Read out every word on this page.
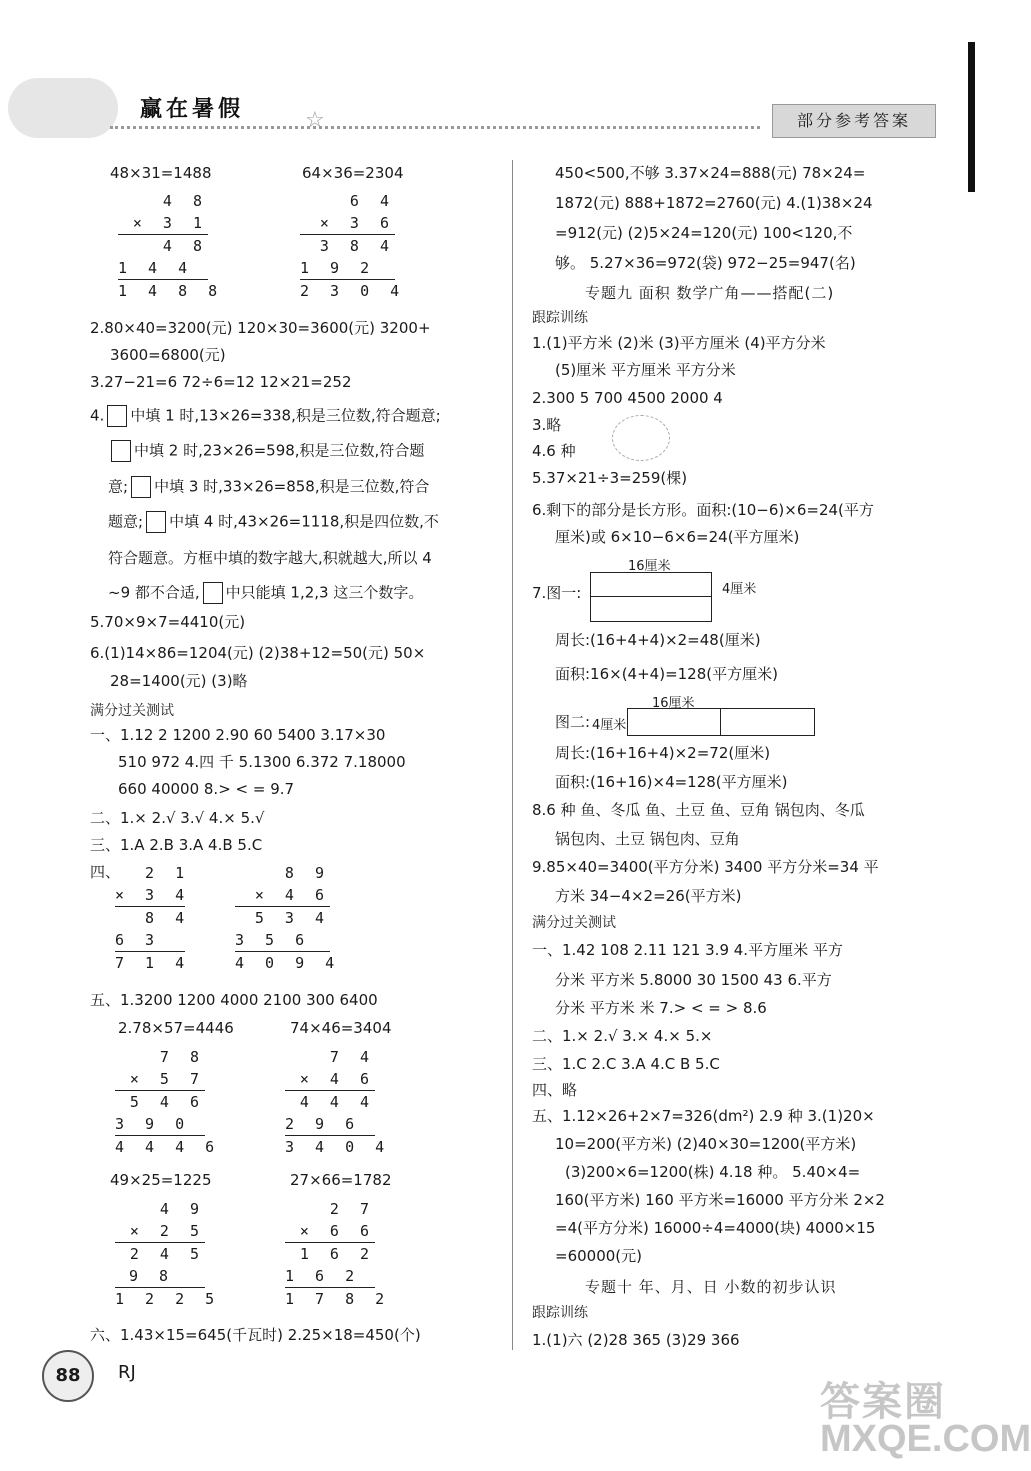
赢在暑假	☆	部分参考答案
48×31=1488	64×36=2304
4 8
× 3 1
4 8
1 4 4
1 4 8 8
6 4
× 3 6
3 8 4
1 9 2
2 3 0 4
2.80×40=3200(元) 120×30=3600(元) 3200+
3600=6800(元)
3.27−21=6 72÷6=12 12×21=252
4. 中填 1 时,13×26=338,积是三位数,符合题意;
中填 2 时,23×26=598,积是三位数,符合题
意; 中填 3 时,33×26=858,积是三位数,符合
题意; 中填 4 时,43×26=1118,积是四位数,不
符合题意。方框中填的数字越大,积就越大,所以 4
~9 都不合适, 中只能填 1,2,3 这三个数字。
5.70×9×7=4410(元)
6.(1)14×86=1204(元) (2)38+12=50(元) 50×
28=1400(元) (3)略
满分过关测试
一、1.12 2 1200 2.90 60 5400 3.17×30
510 972 4.四 千 5.1300 6.372 7.18000
660 40000 8.> < = 9.7
二、1.× 2.√ 3.√ 4.× 5.√
三、1.A 2.B 3.A 4.B 5.C
四、
2 1
× 3 4
8 4
6 3
7 1 4
8 9
× 4 6
5 3 4
3 5 6
4 0 9 4
五、1.3200 1200 4000 2100 300 6400
2.78×57=4446	74×46=3404
7 8
× 5 7
5 4 6
3 9 0
4 4 4 6
7 4
× 4 6
4 4 4
2 9 6
3 4 0 4
49×25=1225	27×66=1782
4 9
× 2 5
2 4 5
9 8
1 2 2 5
2 7
× 6 6
1 6 2
1 6 2
1 7 8 2
六、1.43×15=645(千瓦时) 2.25×18=450(个)
450<500,不够 3.37×24=888(元) 78×24=
1872(元) 888+1872=2760(元) 4.(1)38×24
=912(元) (2)5×24=120(元) 100<120,不
够。 5.27×36=972(袋) 972−25=947(名)
专题九 面积 数学广角——搭配(二)
跟踪训练
1.(1)平方米 (2)米 (3)平方厘米 (4)平方分米
(5)厘米 平方厘米 平方分米
2.300 5 700 4500 2000 4
3.略
4.6 种
5.37×21÷3=259(棵)
6.剩下的部分是长方形。面积:(10−6)×6=24(平方
厘米)或 6×10−6×6=24(平方厘米)
16厘米
7.图一:	4厘米
周长:(16+4+4)×2=48(厘米)
面积:16×(4+4)=128(平方厘米)
16厘米
图二: 4厘米
周长:(16+16+4)×2=72(厘米)
面积:(16+16)×4=128(平方厘米)
8.6 种 鱼、冬瓜 鱼、土豆 鱼、豆角 锅包肉、冬瓜
锅包肉、土豆 锅包肉、豆角
9.85×40=3400(平方分米) 3400 平方分米=34 平
方米 34−4×2=26(平方米)
满分过关测试
一、1.42 108 2.11 121 3.9 4.平方厘米 平方
分米 平方米 5.8000 30 1500 43 6.平方
分米 平方米 米 7.> < = > 8.6
二、1.× 2.√ 3.× 4.× 5.×
三、1.C 2.C 3.A 4.C B 5.C
四、略
五、1.12×26+2×7=326(dm²) 2.9 种 3.(1)20×
10=200(平方米) (2)40×30=1200(平方米)
(3)200×6=1200(株) 4.18 种。 5.40×4=
160(平方米) 160 平方米=16000 平方分米 2×2
=4(平方分米) 16000÷4=4000(块) 4000×15
=60000(元)
专题十 年、月、日 小数的初步认识
跟踪训练
1.(1)六 (2)28 365 (3)29 366
88	RJ
答案圈
MXQE.COM
